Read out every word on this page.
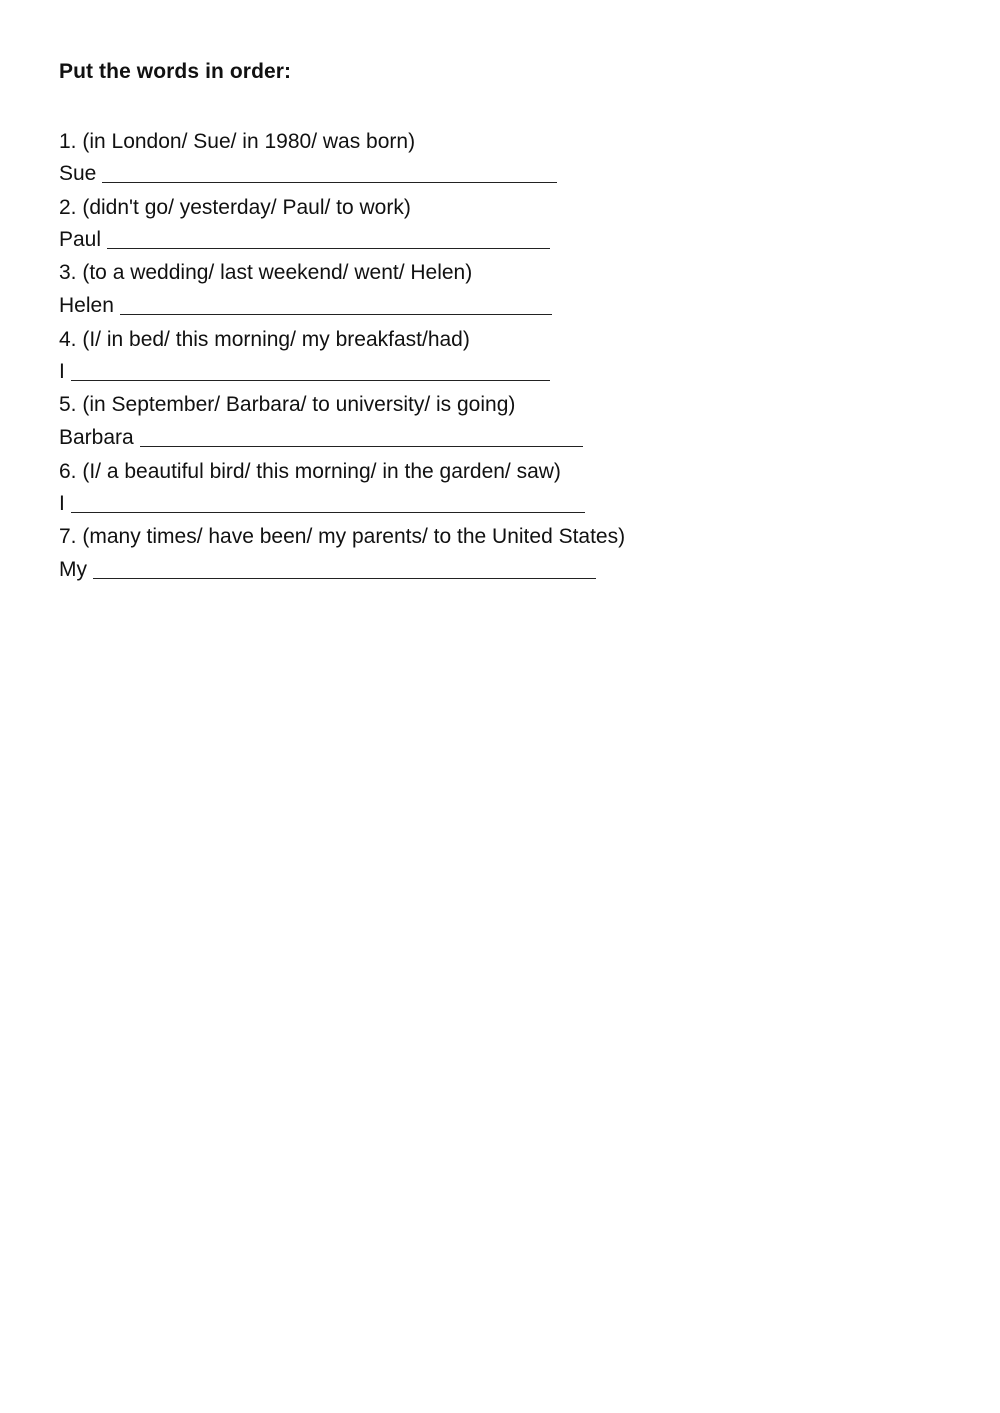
Put the words in order:
1. (in London/ Sue/ in 1980/ was born)
Sue
2. (didn't go/ yesterday/ Paul/ to work)
Paul
3. (to a wedding/ last weekend/ went/ Helen)
Helen
4. (I/ in bed/ this morning/ my breakfast/had)
I
5. (in September/ Barbara/ to university/ is going)
Barbara
6. (I/ a beautiful bird/ this morning/ in the garden/ saw)
I
7. (many times/ have been/ my parents/ to the United States)
My
